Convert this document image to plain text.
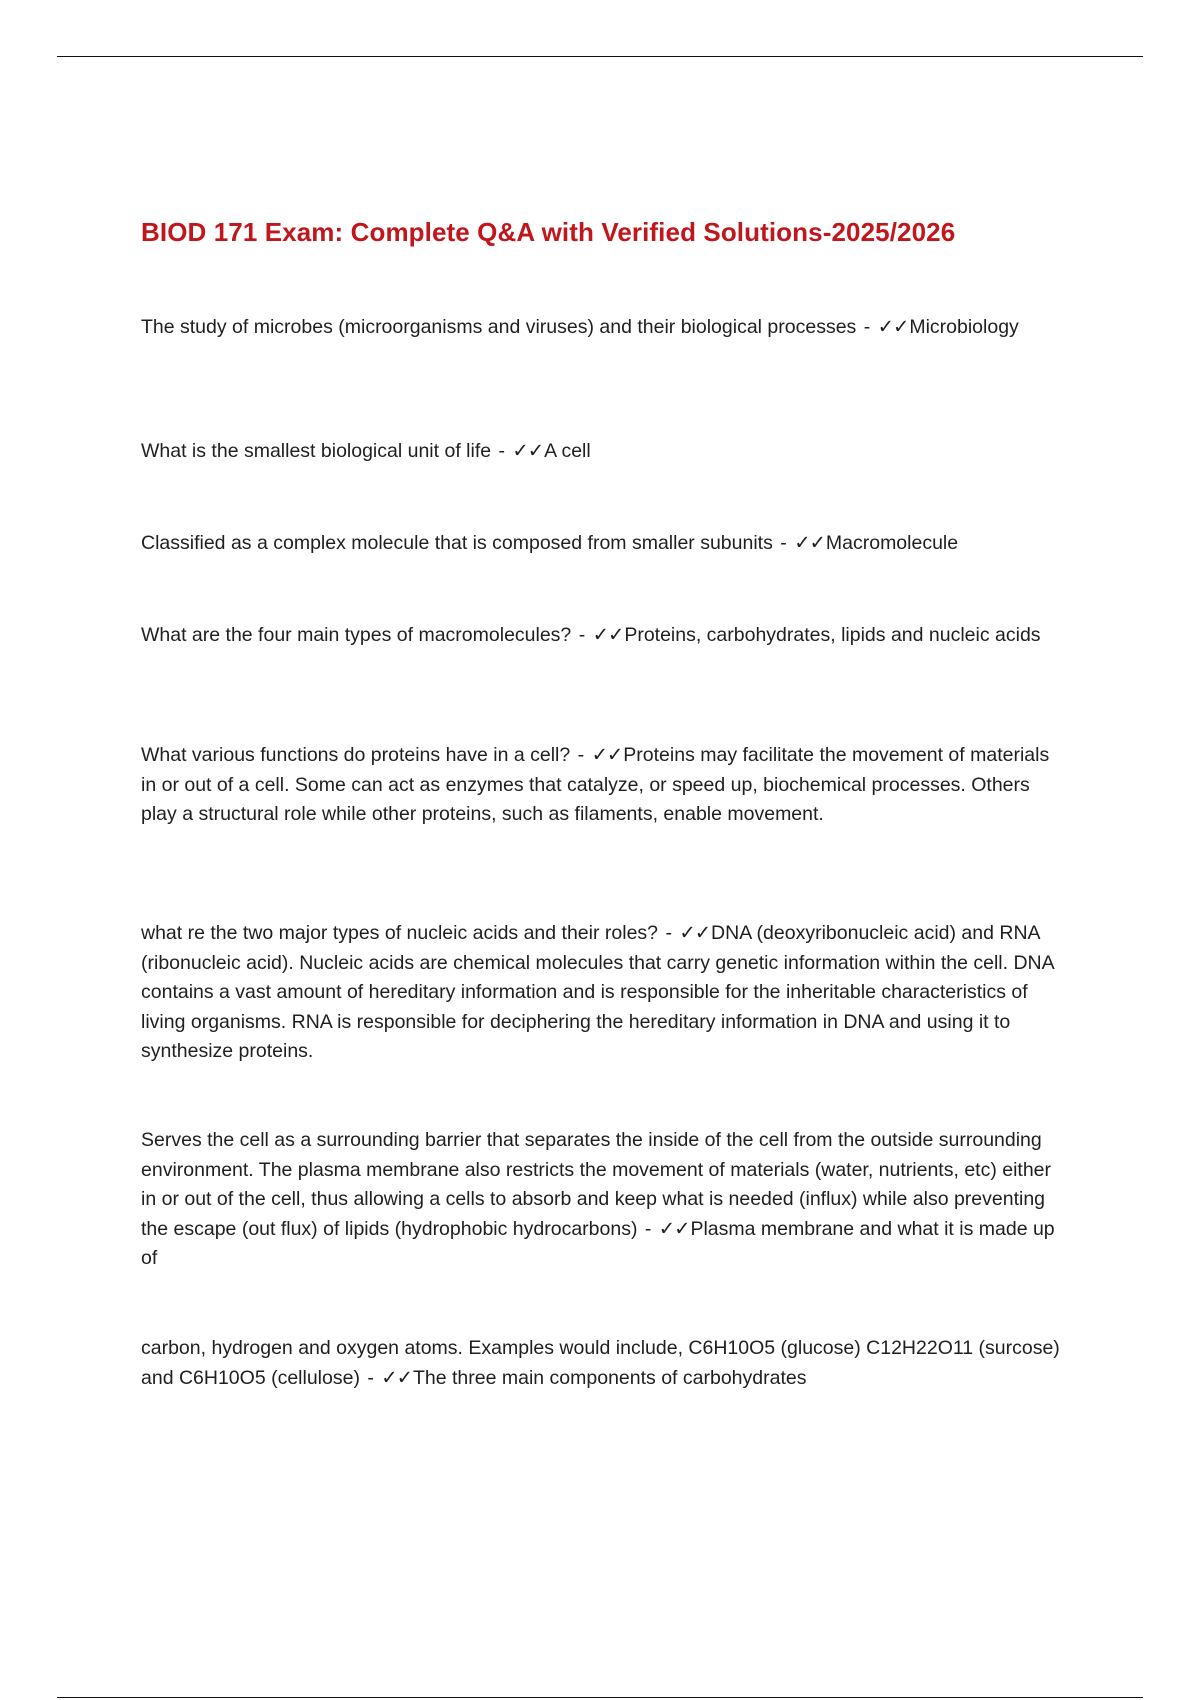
BIOD 171 Exam: Complete Q&A with Verified Solutions-2025/2026

The study of microbes (microorganisms and viruses) and their biological processes - ✓✓Microbiology

What is the smallest biological unit of life - ✓✓A cell

Classified as a complex molecule that is composed from smaller subunits - ✓✓Macromolecule

What are the four main types of macromolecules? - ✓✓Proteins, carbohydrates, lipids and nucleic acids

What various functions do proteins have in a cell? - ✓✓Proteins may facilitate the movement of materials in or out of a cell. Some can act as enzymes that catalyze, or speed up, biochemical processes. Others play a structural role while other proteins, such as filaments, enable movement.

what re the two major types of nucleic acids and their roles? - ✓✓DNA (deoxyribonucleic acid) and RNA (ribonucleic acid). Nucleic acids are chemical molecules that carry genetic information within the cell. DNA contains a vast amount of hereditary information and is responsible for the inheritable characteristics of living organisms. RNA is responsible for deciphering the hereditary information in DNA and using it to synthesize proteins.

Serves the cell as a surrounding barrier that separates the inside of the cell from the outside surrounding environment. The plasma membrane also restricts the movement of materials (water, nutrients, etc) either in or out of the cell, thus allowing a cells to absorb and keep what is needed (influx) while also preventing the escape (out flux) of lipids (hydrophobic hydrocarbons) - ✓✓Plasma membrane and what it is made up of

carbon, hydrogen and oxygen atoms. Examples would include, C6H10O5 (glucose) C12H22O11 (surcose) and C6H10O5 (cellulose) - ✓✓The three main components of carbohydrates
